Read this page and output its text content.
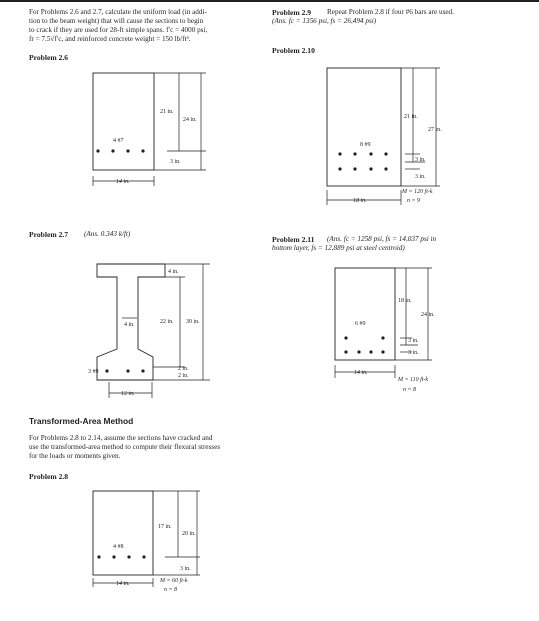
For Problems 2.6 and 2.7, calculate the uniform load (in addi-

tion to the beam weight) that will cause the sections to begin

to crack if they are used for 28-ft simple spans. f′c = 4000 psi,

fr = 7.5√f′c, and reinforced concrete weight = 150 lb/ft³.

Problem 2.6

Problem 2.7 (Ans. 0.343 k/ft)

Transformed-Area Method

For Problems 2.8 to 2.14, assume the sections have cracked and

use the transformed-area method to compute their flexural stresses

for the loads or moments given.

Problem 2.8

Problem 2.9 Repeat Problem 2.8 if four #6 bars are used.

(Ans. fc = 1356 psi, fs = 26,494 psi)

Problem 2.10

Problem 2.11 (Ans. fc = 1258 psi, fs = 14,037 psi in

bottom layer, fs = 12,889 psi at steel centroid)

4 #7
21 in.
24 in.
3 in.
14 in.
3 #9
4 in.
4 in.	22 in. 30 in.
2 in.
2 in.
12 in.
4 #8
17 in.
20 in.
3 in.
M = 60 ft-k
n = 8
14 in.
8 #9
21 in.
27 in.
3 in.
3 in.
M = 120 ft-k
n = 9
18 in.
6 #9
18 in.
24 in.
3 in.
3 in.
M = 110 ft-k
n = 8
14 in.
